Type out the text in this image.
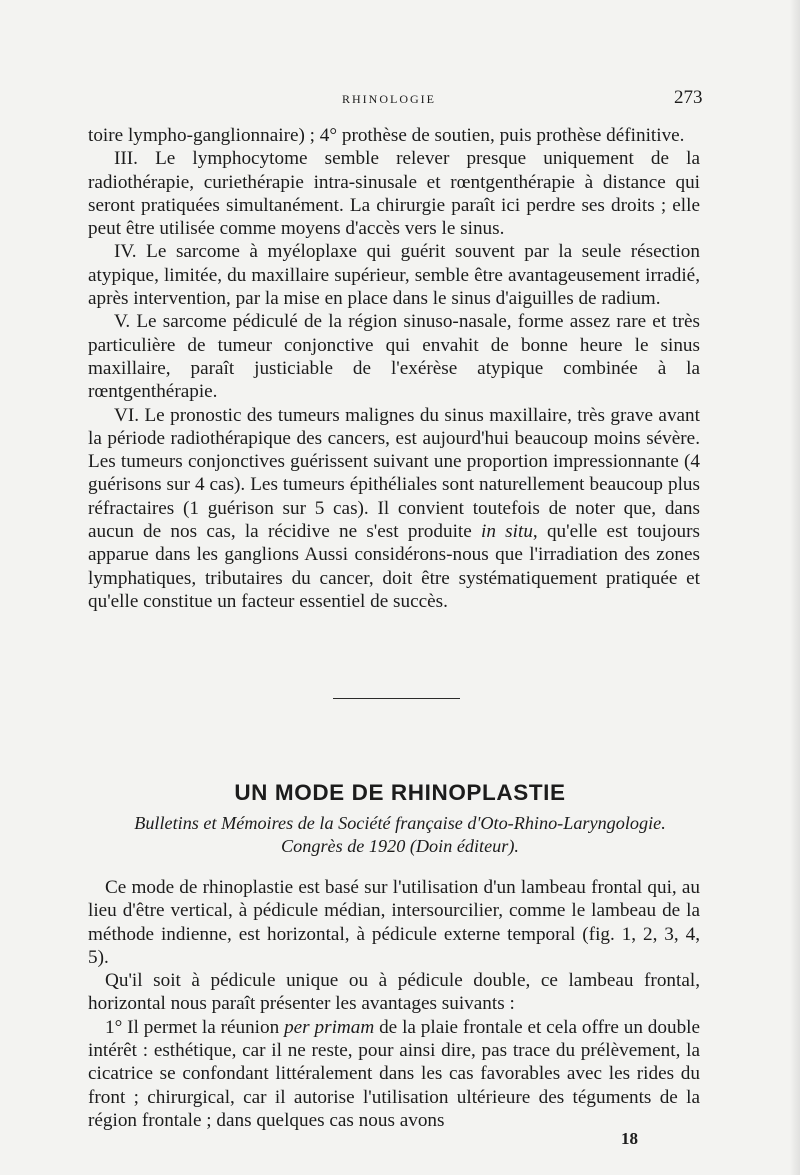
RHINOLOGIE	273

toire lympho-ganglionnaire) ; 4° prothèse de soutien, puis prothèse définitive.

III. Le lymphocytome semble relever presque uniquement de la radiothérapie, curiethérapie intra-sinusale et rœntgenthérapie à distance qui seront pratiquées simultanément. La chirurgie paraît ici perdre ses droits ; elle peut être utilisée comme moyens d'accès vers le sinus.

IV. Le sarcome à myéloplaxe qui guérit souvent par la seule résection atypique, limitée, du maxillaire supérieur, semble être avantageusement irradié, après intervention, par la mise en place dans le sinus d'aiguilles de radium.

V. Le sarcome pédiculé de la région sinuso-nasale, forme assez rare et très particulière de tumeur conjonctive qui envahit de bonne heure le sinus maxillaire, paraît justiciable de l'exérèse atypique combinée à la rœntgenthérapie.

VI. Le pronostic des tumeurs malignes du sinus maxillaire, très grave avant la période radiothérapique des cancers, est aujourd'hui beaucoup moins sévère. Les tumeurs conjonctives guérissent suivant une proportion impressionnante (4 guérisons sur 4 cas). Les tumeurs épithéliales sont naturellement beaucoup plus réfractaires (1 guérison sur 5 cas). Il convient toutefois de noter que, dans aucun de nos cas, la récidive ne s'est produite in situ, qu'elle est toujours apparue dans les ganglions Aussi considérons-nous que l'irradiation des zones lymphatiques, tributaires du cancer, doit être systématiquement pratiquée et qu'elle constitue un facteur essentiel de succès.

UN MODE DE RHINOPLASTIE
Bulletins et Mémoires de la Société française d'Oto-Rhino-Laryngologie.
Congrès de 1920 (Doin éditeur).

Ce mode de rhinoplastie est basé sur l'utilisation d'un lambeau frontal qui, au lieu d'être vertical, à pédicule médian, intersourcilier, comme le lambeau de la méthode indienne, est horizontal, à pédicule externe temporal (fig. 1, 2, 3, 4, 5).

Qu'il soit à pédicule unique ou à pédicule double, ce lambeau frontal, horizontal nous paraît présenter les avantages suivants :

1° Il permet la réunion per primam de la plaie frontale et cela offre un double intérêt : esthétique, car il ne reste, pour ainsi dire, pas trace du prélèvement, la cicatrice se confondant littéralement dans les cas favorables avec les rides du front ; chirurgical, car il autorise l'utilisation ultérieure des téguments de la région frontale ; dans quelques cas nous avons

18
